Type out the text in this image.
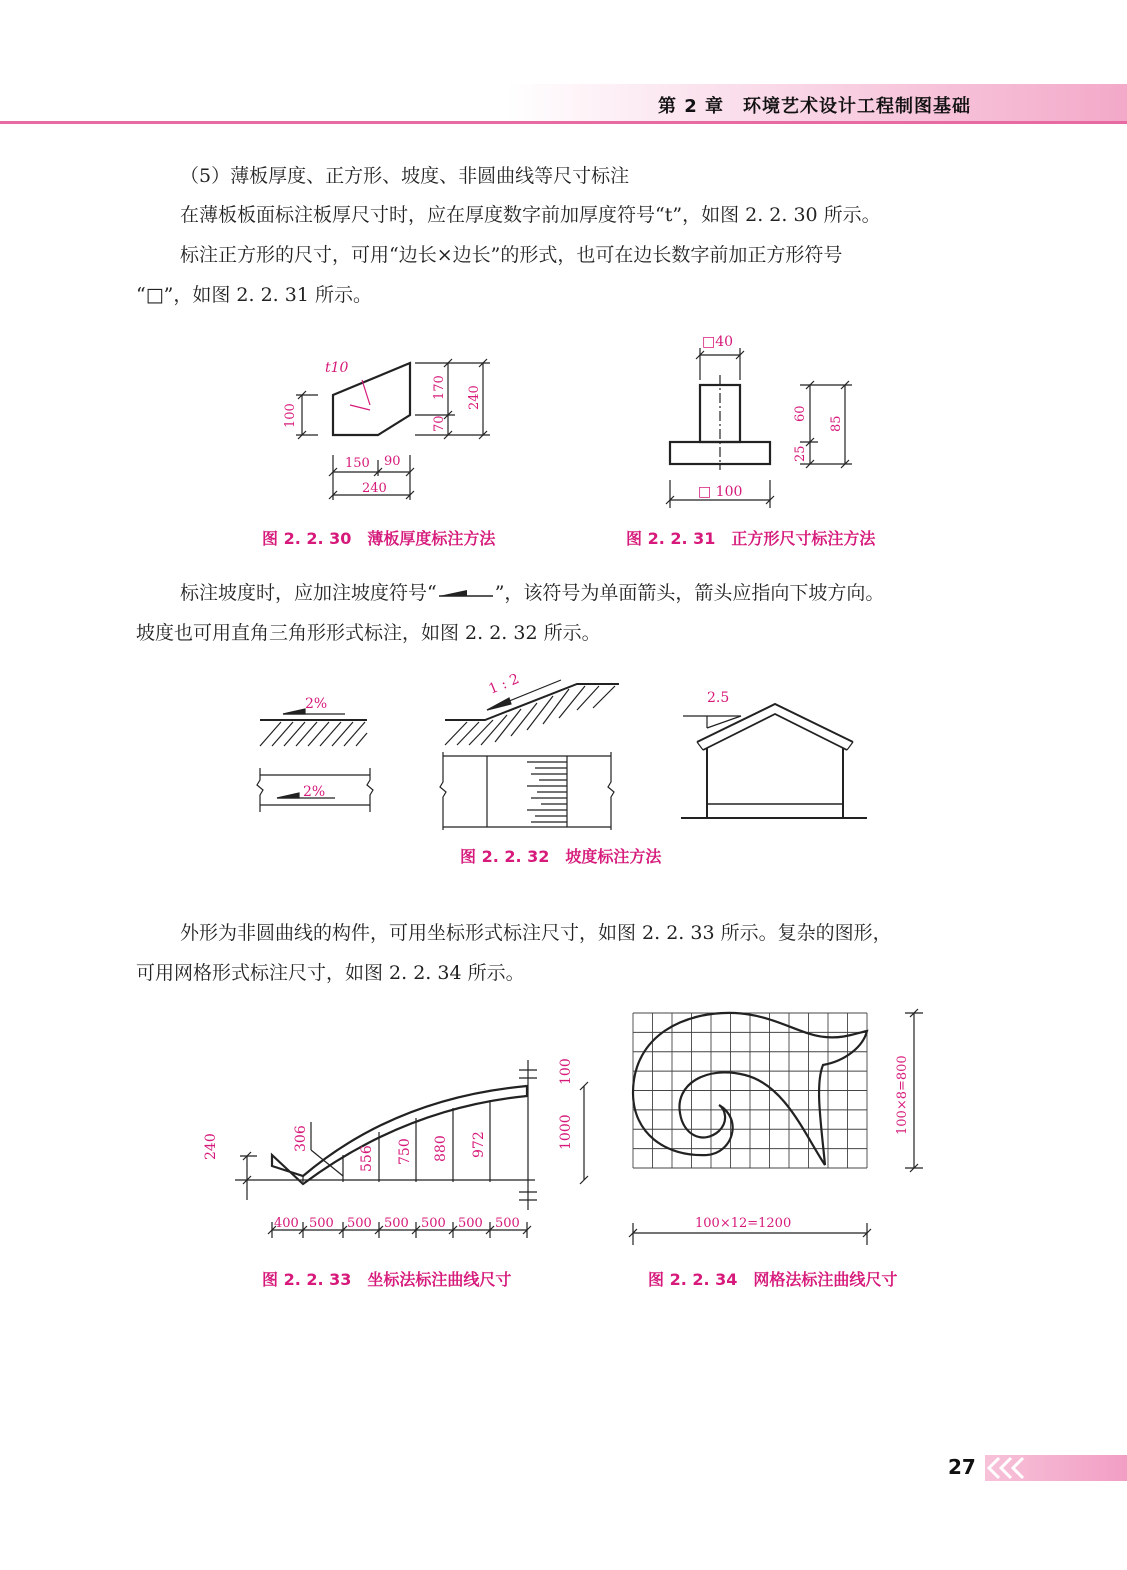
第 2 章　环境艺术设计工程制图基础

（5）薄板厚度、正方形、坡度、非圆曲线等尺寸标注

在薄板板面标注板厚尺寸时，应在厚度数字前加厚度符号“t”，如图 2. 2. 30 所示。

标注正方形的尺寸，可用“边长×边长”的形式，也可在边长数字前加正方形符号

“□”，如图 2. 2. 31 所示。

t10
100
170
70
240
150 90
240
图 2. 2. 30　薄板厚度标注方法
□40
□ 100
60
25
85
图 2. 2. 31　正方形尺寸标注方法

标注坡度时，应加注坡度符号“	”，该符号为单面箭头，箭头应指向下坡方向。

坡度也可用直角三角形形式标注，如图 2. 2. 32 所示。

2%
2%
1 : 2
2.5
图 2. 2. 32　坡度标注方法

外形为非圆曲线的构件，可用坐标形式标注尺寸，如图 2. 2. 33 所示。复杂的图形，

可用网格形式标注尺寸，如图 2. 2. 34 所示。

240	306
556 750 880 972	1000
100
400 500 500 500 500 500 500
图 2. 2. 33　坐标法标注曲线尺寸
100×12=1200
100×8=800
图 2. 2. 34　网格法标注曲线尺寸
27
